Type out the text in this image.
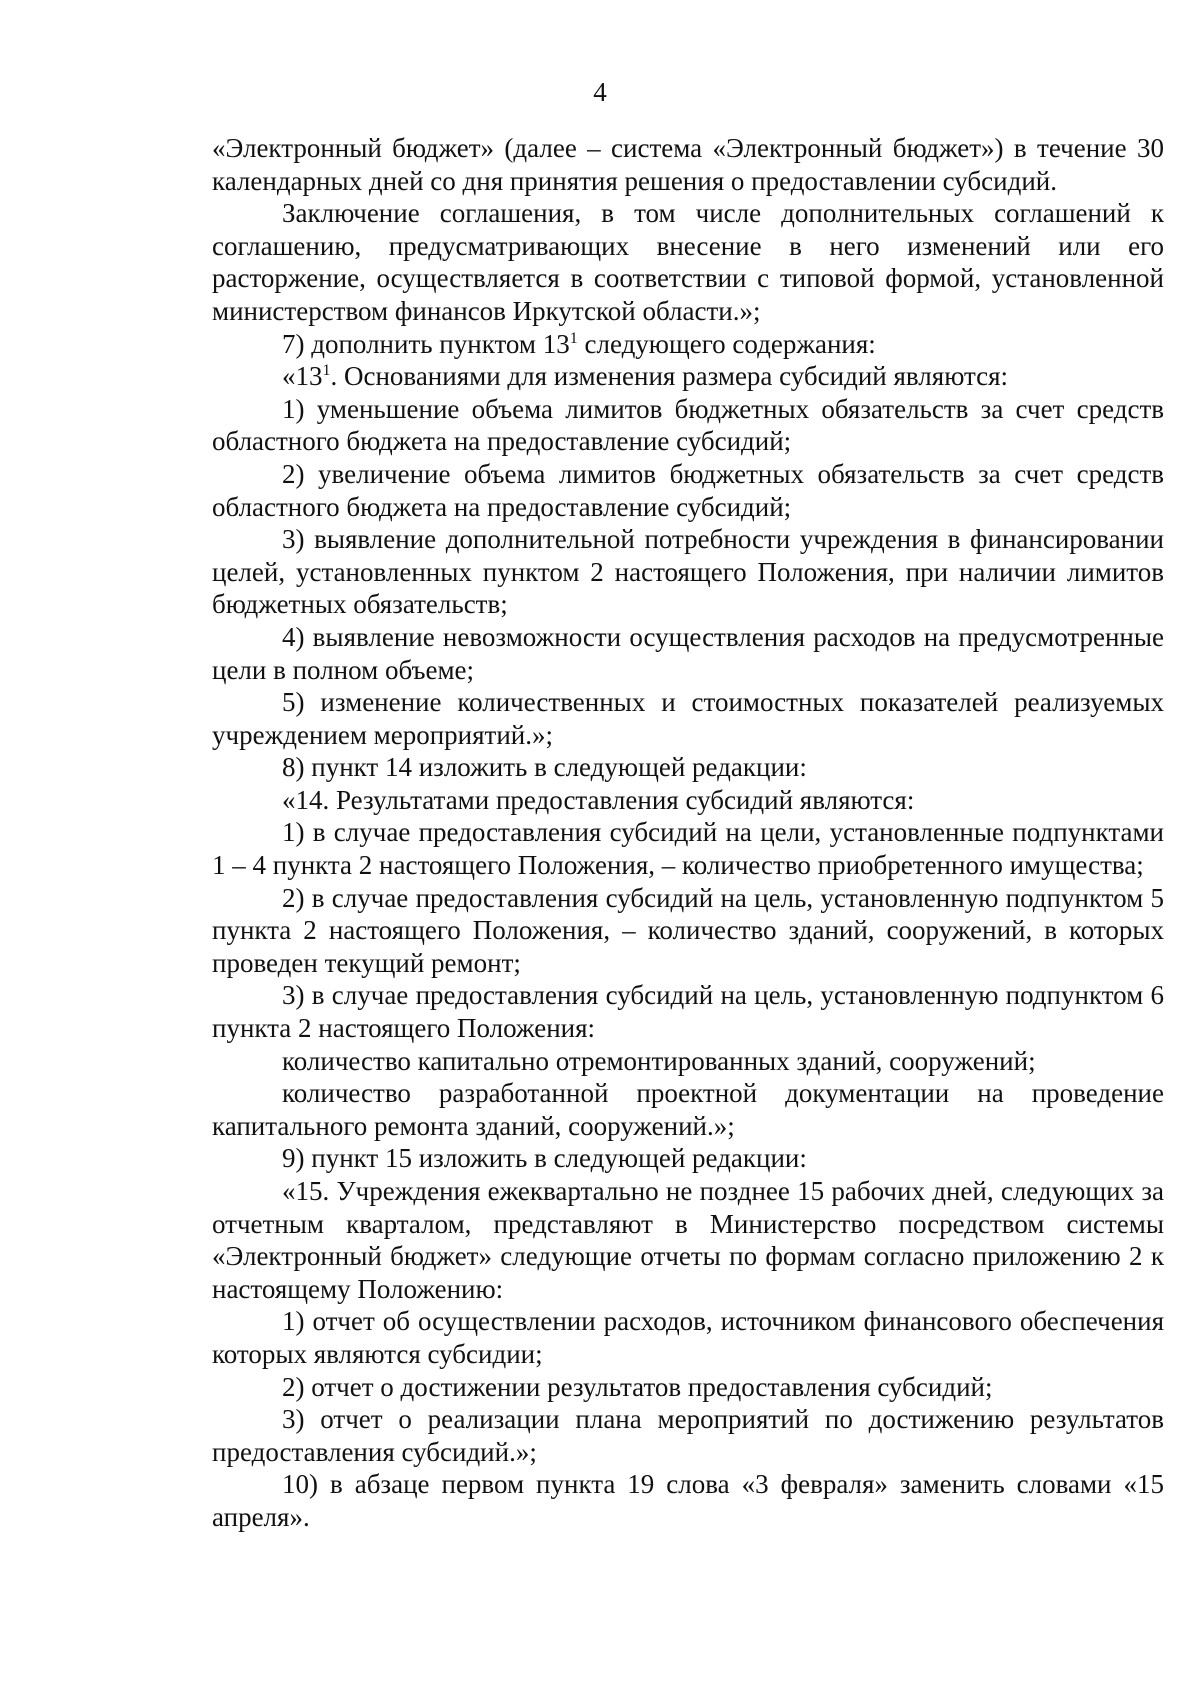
4

«Электронный бюджет» (далее – система «Электронный бюджет») в течение 30 календарных дней со дня принятия решения о предоставлении субсидий.

Заключение соглашения, в том числе дополнительных соглашений к соглашению, предусматривающих внесение в него изменений или его расторжение, осуществляется в соответствии с типовой формой, установленной министерством финансов Иркутской области.»;

7) дополнить пунктом $13^1$ следующего содержания:

«$13^1$. Основаниями для изменения размера субсидий являются:

1) уменьшение объема лимитов бюджетных обязательств за счет средств областного бюджета на предоставление субсидий;

2) увеличение объема лимитов бюджетных обязательств за счет средств областного бюджета на предоставление субсидий;

3) выявление дополнительной потребности учреждения в финансировании целей, установленных пунктом 2 настоящего Положения, при наличии лимитов бюджетных обязательств;

4) выявление невозможности осуществления расходов на предусмотренные цели в полном объеме;

5) изменение количественных и стоимостных показателей реализуемых учреждением мероприятий.»;

8) пункт 14 изложить в следующей редакции:

«14. Результатами предоставления субсидий являются:

1) в случае предоставления субсидий на цели, установленные подпунктами 1 – 4 пункта 2 настоящего Положения, – количество приобретенного имущества;

2) в случае предоставления субсидий на цель, установленную подпунктом 5 пункта 2 настоящего Положения, – количество зданий, сооружений, в которых проведен текущий ремонт;

3) в случае предоставления субсидий на цель, установленную подпунктом 6 пункта 2 настоящего Положения:

количество капитально отремонтированных зданий, сооружений;

количество разработанной проектной документации на проведение капитального ремонта зданий, сооружений.»;

9) пункт 15 изложить в следующей редакции:

«15. Учреждения ежеквартально не позднее 15 рабочих дней, следующих за отчетным кварталом, представляют в Министерство посредством системы «Электронный бюджет» следующие отчеты по формам согласно приложению 2 к настоящему Положению:

1) отчет об осуществлении расходов, источником финансового обеспечения которых являются субсидии;

2) отчет о достижении результатов предоставления субсидий;

3) отчет о реализации плана мероприятий по достижению результатов предоставления субсидий.»;

10) в абзаце первом пункта 19 слова «3 февраля» заменить словами «15 апреля».
